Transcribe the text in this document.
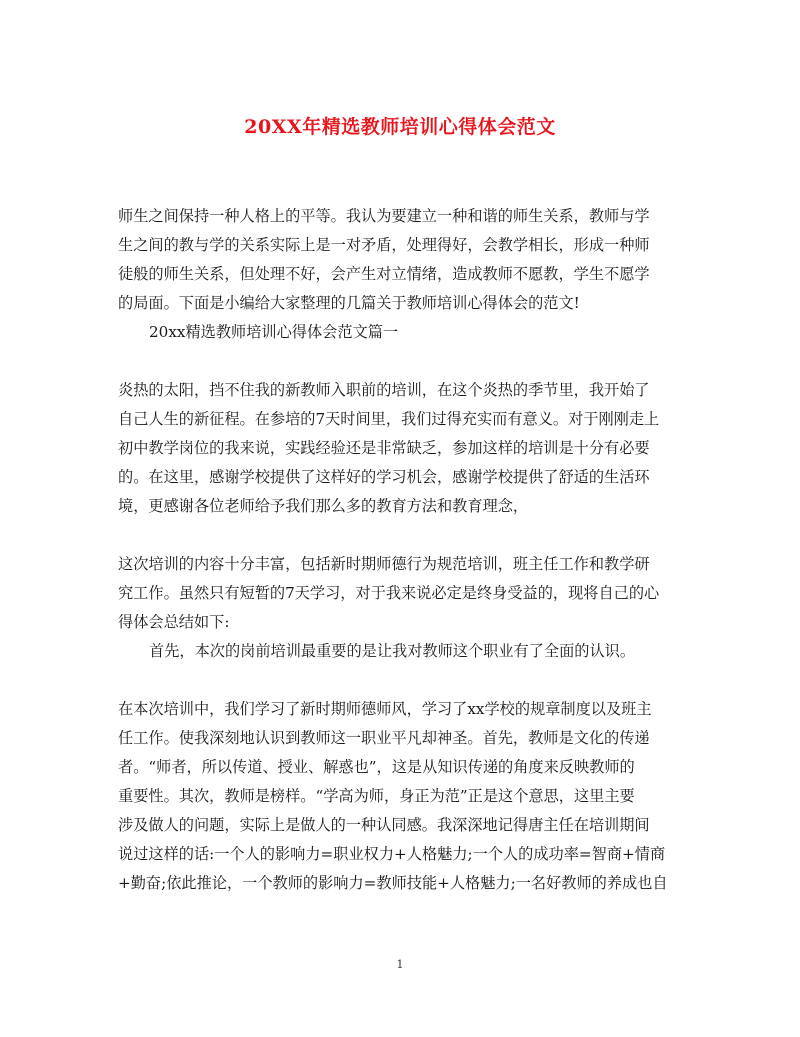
20XX年精选教师培训心得体会范文
师生之间保持一种人格上的平等。我认为要建立一种和谐的师生关系，教师与学
生之间的教与学的关系实际上是一对矛盾，处理得好，会教学相长，形成一种师
徒般的师生关系，但处理不好，会产生对立情绪，造成教师不愿教，学生不愿学
的局面。下面是小编给大家整理的几篇关于教师培训心得体会的范文!
20xx精选教师培训心得体会范文篇一
炎热的太阳，挡不住我的新教师入职前的培训，在这个炎热的季节里，我开始了
自己人生的新征程。在参培的7天时间里，我们过得充实而有意义。对于刚刚走上
初中教学岗位的我来说，实践经验还是非常缺乏，参加这样的培训是十分有必要
的。在这里，感谢学校提供了这样好的学习机会，感谢学校提供了舒适的生活环
境，更感谢各位老师给予我们那么多的教育方法和教育理念，
这次培训的内容十分丰富，包括新时期师德行为规范培训，班主任工作和教学研
究工作。虽然只有短暂的7天学习，对于我来说必定是终身受益的，现将自己的心
得体会总结如下:
首先，本次的岗前培训最重要的是让我对教师这个职业有了全面的认识。
在本次培训中，我们学习了新时期师德师风，学习了xx学校的规章制度以及班主
任工作。使我深刻地认识到教师这一职业平凡却神圣。首先，教师是文化的传递
者。“师者，所以传道、授业、解惑也”，这是从知识传递的角度来反映教师的
重要性。其次，教师是榜样。“学高为师，身正为范”正是这个意思，这里主要
涉及做人的问题，实际上是做人的一种认同感。我深深地记得唐主任在培训期间
说过这样的话:一个人的影响力=职业权力+人格魅力;一个人的成功率=智商+情商
+勤奋;依此推论，一个教师的影响力=教师技能+人格魅力;一名好教师的养成也自
1
